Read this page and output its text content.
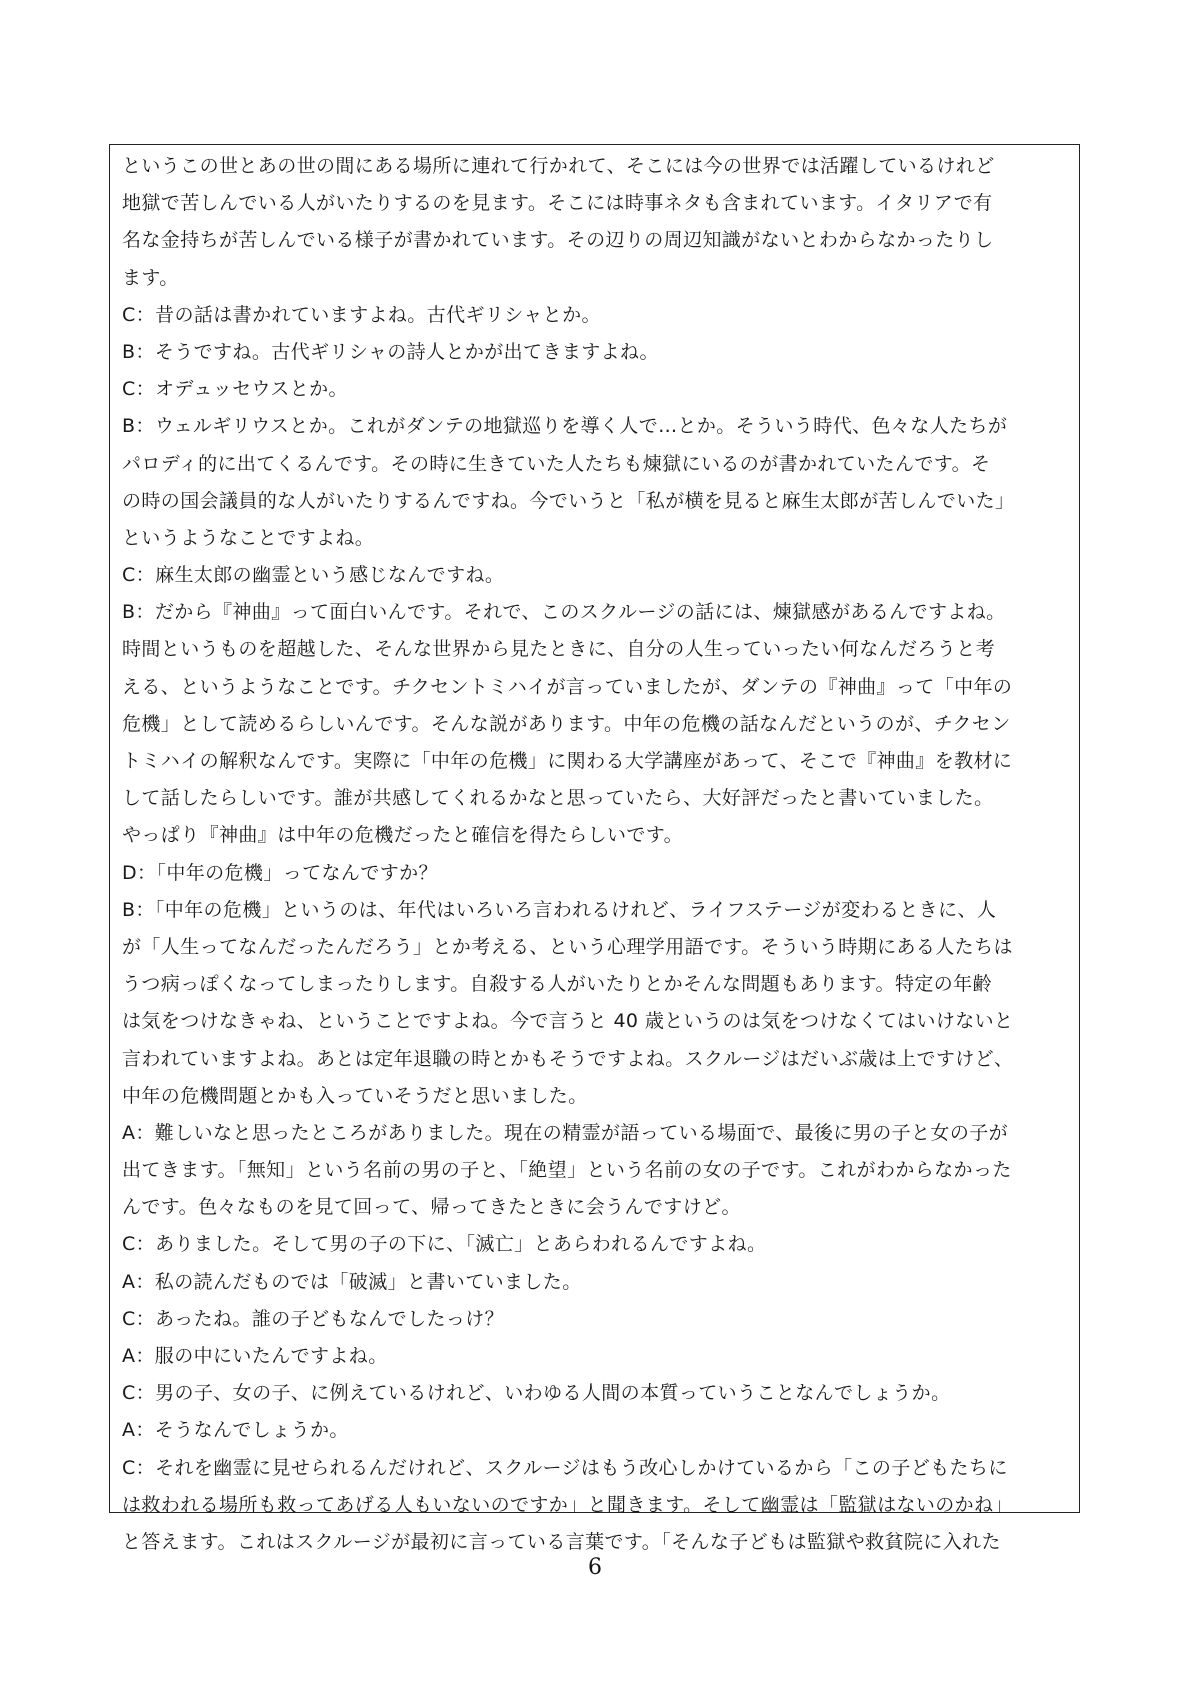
というこの世とあの世の間にある場所に連れて行かれて、そこには今の世界では活躍しているけれど
地獄で苦しんでいる人がいたりするのを見ます。そこには時事ネタも含まれています。イタリアで有
名な金持ちが苦しんでいる様子が書かれています。その辺りの周辺知識がないとわからなかったりし
ます。
C：昔の話は書かれていますよね。古代ギリシャとか。
B：そうですね。古代ギリシャの詩人とかが出てきますよね。
C：オデュッセウスとか。
B：ウェルギリウスとか。これがダンテの地獄巡りを導く人で…とか。そういう時代、色々な人たちが
パロディ的に出てくるんです。その時に生きていた人たちも煉獄にいるのが書かれていたんです。そ
の時の国会議員的な人がいたりするんですね。今でいうと「私が横を見ると麻生太郎が苦しんでいた」
というようなことですよね。
C：麻生太郎の幽霊という感じなんですね。
B：だから『神曲』って面白いんです。それで、このスクルージの話には、煉獄感があるんですよね。
時間というものを超越した、そんな世界から見たときに、自分の人生っていったい何なんだろうと考
える、というようなことです。チクセントミハイが言っていましたが、ダンテの『神曲』って「中年の
危機」として読めるらしいんです。そんな説があります。中年の危機の話なんだというのが、チクセン
トミハイの解釈なんです。実際に「中年の危機」に関わる大学講座があって、そこで『神曲』を教材に
して話したらしいです。誰が共感してくれるかなと思っていたら、大好評だったと書いていました。
やっぱり『神曲』は中年の危機だったと確信を得たらしいです。
D：「中年の危機」ってなんですか？
B：「中年の危機」というのは、年代はいろいろ言われるけれど、ライフステージが変わるときに、人
が「人生ってなんだったんだろう」とか考える、という心理学用語です。そういう時期にある人たちは
うつ病っぽくなってしまったりします。自殺する人がいたりとかそんな問題もあります。特定の年齢
は気をつけなきゃね、ということですよね。今で言うと 40 歳というのは気をつけなくてはいけないと
言われていますよね。あとは定年退職の時とかもそうですよね。スクルージはだいぶ歳は上ですけど、
中年の危機問題とかも入っていそうだと思いました。
A：難しいなと思ったところがありました。現在の精霊が語っている場面で、最後に男の子と女の子が
出てきます。「無知」という名前の男の子と、「絶望」という名前の女の子です。これがわからなかった
んです。色々なものを見て回って、帰ってきたときに会うんですけど。
C：ありました。そして男の子の下に、「滅亡」とあらわれるんですよね。
A：私の読んだものでは「破滅」と書いていました。
C：あったね。誰の子どもなんでしたっけ？
A：服の中にいたんですよね。
C：男の子、女の子、に例えているけれど、いわゆる人間の本質っていうことなんでしょうか。
A：そうなんでしょうか。
C：それを幽霊に見せられるんだけれど、スクルージはもう改心しかけているから「この子どもたちに
は救われる場所も救ってあげる人もいないのですか」と聞きます。そして幽霊は「監獄はないのかね」
と答えます。これはスクルージが最初に言っている言葉です。「そんな子どもは監獄や救貧院に入れた
6
